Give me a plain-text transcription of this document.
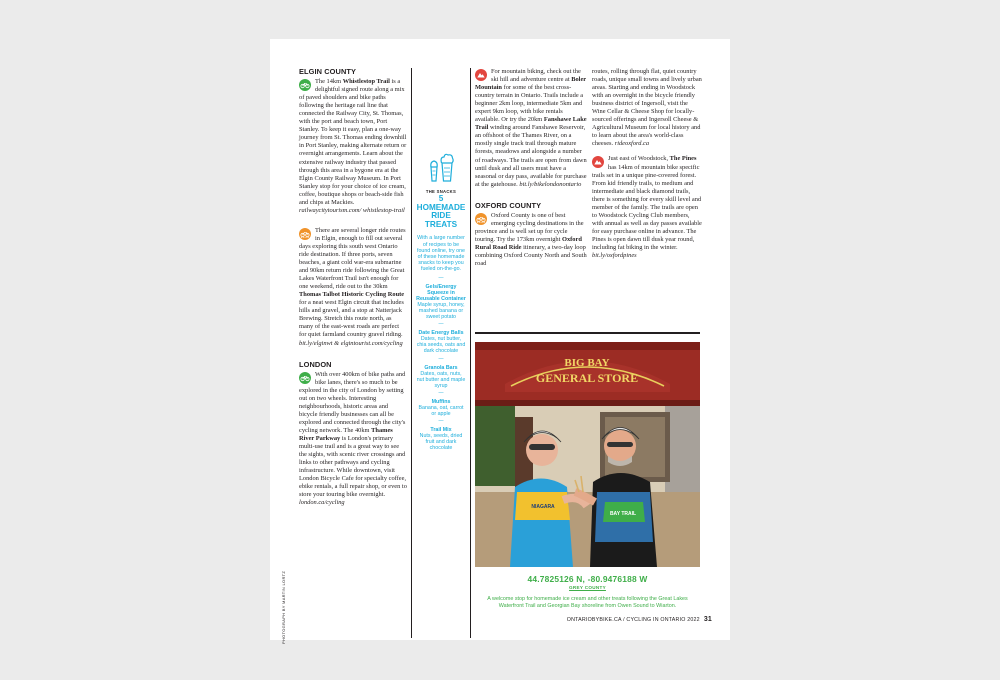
ELGIN COUNTY
The 14km Whistlestop Trail is a delightful signed route along a mix of paved shoulders and bike paths following the heritage rail line that connected the Railway City, St. Thomas, with the port and beach town, Port Stanley. To keep it easy, plan a one-way journey from St. Thomas ending downhill in Port Stanley, making alternate return or overnight arrangements. Learn about the extensive railway industry that passed through this area in a bygone era at the Elgin County Railway Museum. In Port Stanley stop for your choice of ice cream, coffee, boutique shops or beach-side fish and chips at Mackies. railwaycitytourism.com/ whistlestop-trail
There are several longer ride routes in Elgin, enough to fill out several days exploring this south west Ontario ride destination. If three ports, seven beaches, a giant cold war-era submarine and 90km return ride following the Great Lakes Waterfront Trail isn't enough for one weekend, ride out to the 30km Thomas Talbot Historic Cycling Route for a neat west Elgin circuit that includes hills and gravel, and a stop at Natterjack Brewing. Stretch this route north, as many of the east-west roads are perfect for quiet farmland country gravel riding. bit.ly/elginwt & elgintourist.com/cycling
LONDON
With over 400km of bike paths and bike lanes, there's so much to be explored in the city of London by setting out on two wheels. Interesting neighbourhoods, historic areas and bicycle friendly businesses can all be explored and connected through the city's cycling network. The 40km Thames River Parkway is London's primary multi-use trail and is a great way to see the sights, with scenic river crossings and links to other pathways and cycling infrastructure. While downtown, visit London Bicycle Cafe for specialty coffee, ebike rentals, a full repair shop, or even to store your touring bike overnight. london.ca/cycling
THE SNACKS
5
HOMEMADE
RIDE
TREATS
With a large number of recipes to be found online, try one of these homemade snacks to keep you fueled on-the-go.
—
Gels/Energy Squeeze in Reusable Container
Maple syrup, honey, mashed banana or sweet potato
—
Date Energy Balls
Dates, nut butter, chia seeds, oats and dark chocolate
—
Granola Bars
Dates, oats, nuts, nut butter and maple syrup
—
Muffins
Banana, oat, carrot or apple
—
Trail Mix
Nuts, seeds, dried fruit and dark chocolate
For mountain biking, check out the ski hill and adventure centre at Boler Mountain for some of the best cross-country terrain in Ontario. Trails include a beginner 2km loop, intermediate 5km and expert 9km loop, with bike rentals available. Or try the 20km Fanshawe Lake Trail winding around Fanshawe Reservoir, an offshoot of the Thames River, on a mostly single track trail through mature forests, meadows and alongside a number of roadways. The trails are open from dawn until dusk and all users must have a seasonal or day pass, available for purchase at the gatehouse. bit.ly/bikelondonontario
OXFORD COUNTY
Oxford County is one of best emerging cycling destinations in the province and is well set up for cycle touring. Try the 173km overnight Oxford Rural Road Ride itinerary, a two-day loop combining Oxford County North and South road
routes, rolling through flat, quiet country roads, unique small towns and lively urban areas. Starting and ending in Woodstock with an overnight in the bicycle friendly business district of Ingersoll, visit the Wine Cellar & Cheese Shop for locally-sourced offerings and Ingersoll Cheese & Agricultural Museum for local history and to learn about the area's world-class cheeses. rideoxford.ca
Just east of Woodstock, The Pines has 14km of mountain bike specific trails set in a unique pine-covered forest. From kid friendly trails, to medium and intermediate and black diamond trails, there is something for every skill level and member of the family. The trails are open to Woodstock Cycling Club members, with annual as well as day passes available for easy purchase online in advance. The Pines is open dawn till dusk year round, including fat biking in the winter. bit.ly/oxfordpines
BIG BAY
GENERAL STORE
NIAGARA
BAY TRAIL
44.7825126 N, -80.9476188 W
GREY COUNTY
A welcome stop for homemade ice cream and other treats following the Great Lakes Waterfront Trail and Georgian Bay shoreline from Owen Sound to Wiarton.
PHOTOGRAPH BY MARTIN LORTZ	ONTARIOBYBIKE.CA / CYCLING IN ONTARIO 2022 31
